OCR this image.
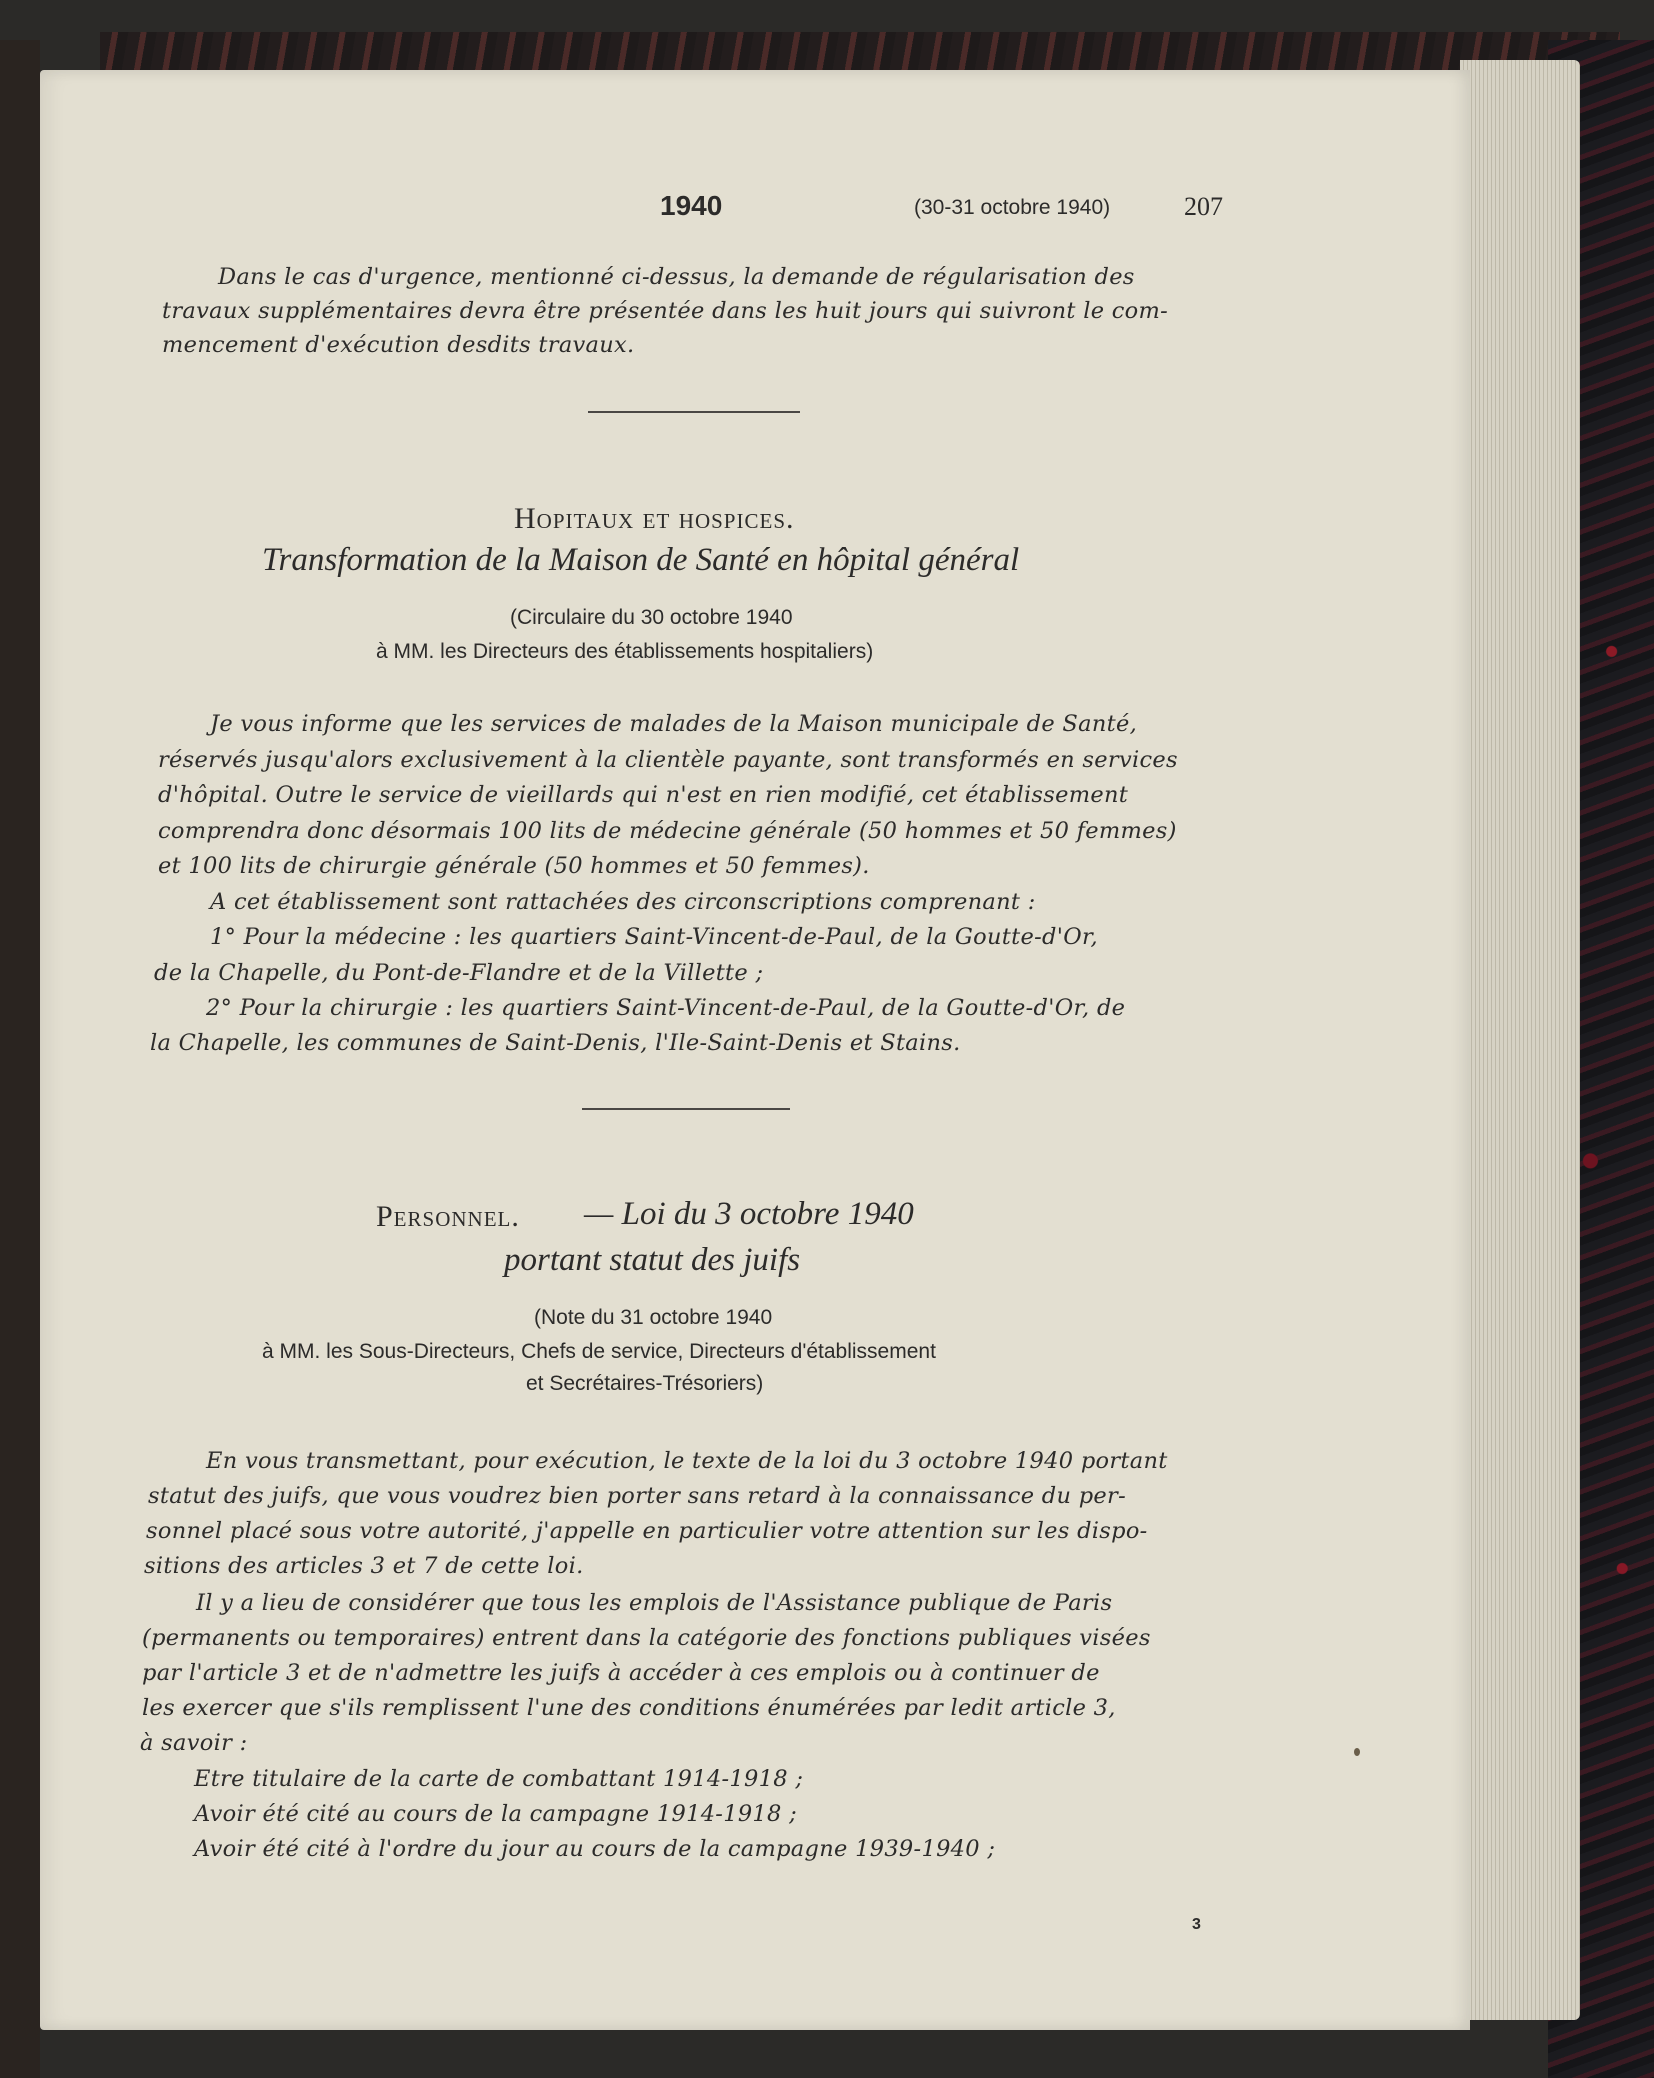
1940	(30-31 octobre 1940)	207
Dans le cas d'urgence, mentionné ci-dessus, la demande de régularisation des
travaux supplémentaires devra être présentée dans les huit jours qui suivront le com-
mencement d'exécution desdits travaux.
Hopitaux et hospices.
Transformation de la Maison de Santé en hôpital général
(Circulaire du 30 octobre 1940
à MM. les Directeurs des établissements hospitaliers)
Je vous informe que les services de malades de la Maison municipale de Santé,
réservés jusqu'alors exclusivement à la clientèle payante, sont transformés en services
d'hôpital. Outre le service de vieillards qui n'est en rien modifié, cet établissement
comprendra donc désormais 100 lits de médecine générale (50 hommes et 50 femmes)
et 100 lits de chirurgie générale (50 hommes et 50 femmes).
A cet établissement sont rattachées des circonscriptions comprenant :
1° Pour la médecine : les quartiers Saint-Vincent-de-Paul, de la Goutte-d'Or,
de la Chapelle, du Pont-de-Flandre et de la Villette ;
2° Pour la chirurgie : les quartiers Saint-Vincent-de-Paul, de la Goutte-d'Or, de
la Chapelle, les communes de Saint-Denis, l'Ile-Saint-Denis et Stains.
Personnel. — Loi du 3 octobre 1940
portant statut des juifs
(Note du 31 octobre 1940
à MM. les Sous-Directeurs, Chefs de service, Directeurs d'établissement
et Secrétaires-Trésoriers)
En vous transmettant, pour exécution, le texte de la loi du 3 octobre 1940 portant
statut des juifs, que vous voudrez bien porter sans retard à la connaissance du per-
sonnel placé sous votre autorité, j'appelle en particulier votre attention sur les dispo-
sitions des articles 3 et 7 de cette loi.
Il y a lieu de considérer que tous les emplois de l'Assistance publique de Paris
(permanents ou temporaires) entrent dans la catégorie des fonctions publiques visées
par l'article 3 et de n'admettre les juifs à accéder à ces emplois ou à continuer de
les exercer que s'ils remplissent l'une des conditions énumérées par ledit article 3,
à savoir :
Etre titulaire de la carte de combattant 1914-1918 ;
Avoir été cité au cours de la campagne 1914-1918 ;
Avoir été cité à l'ordre du jour au cours de la campagne 1939-1940 ;
3
